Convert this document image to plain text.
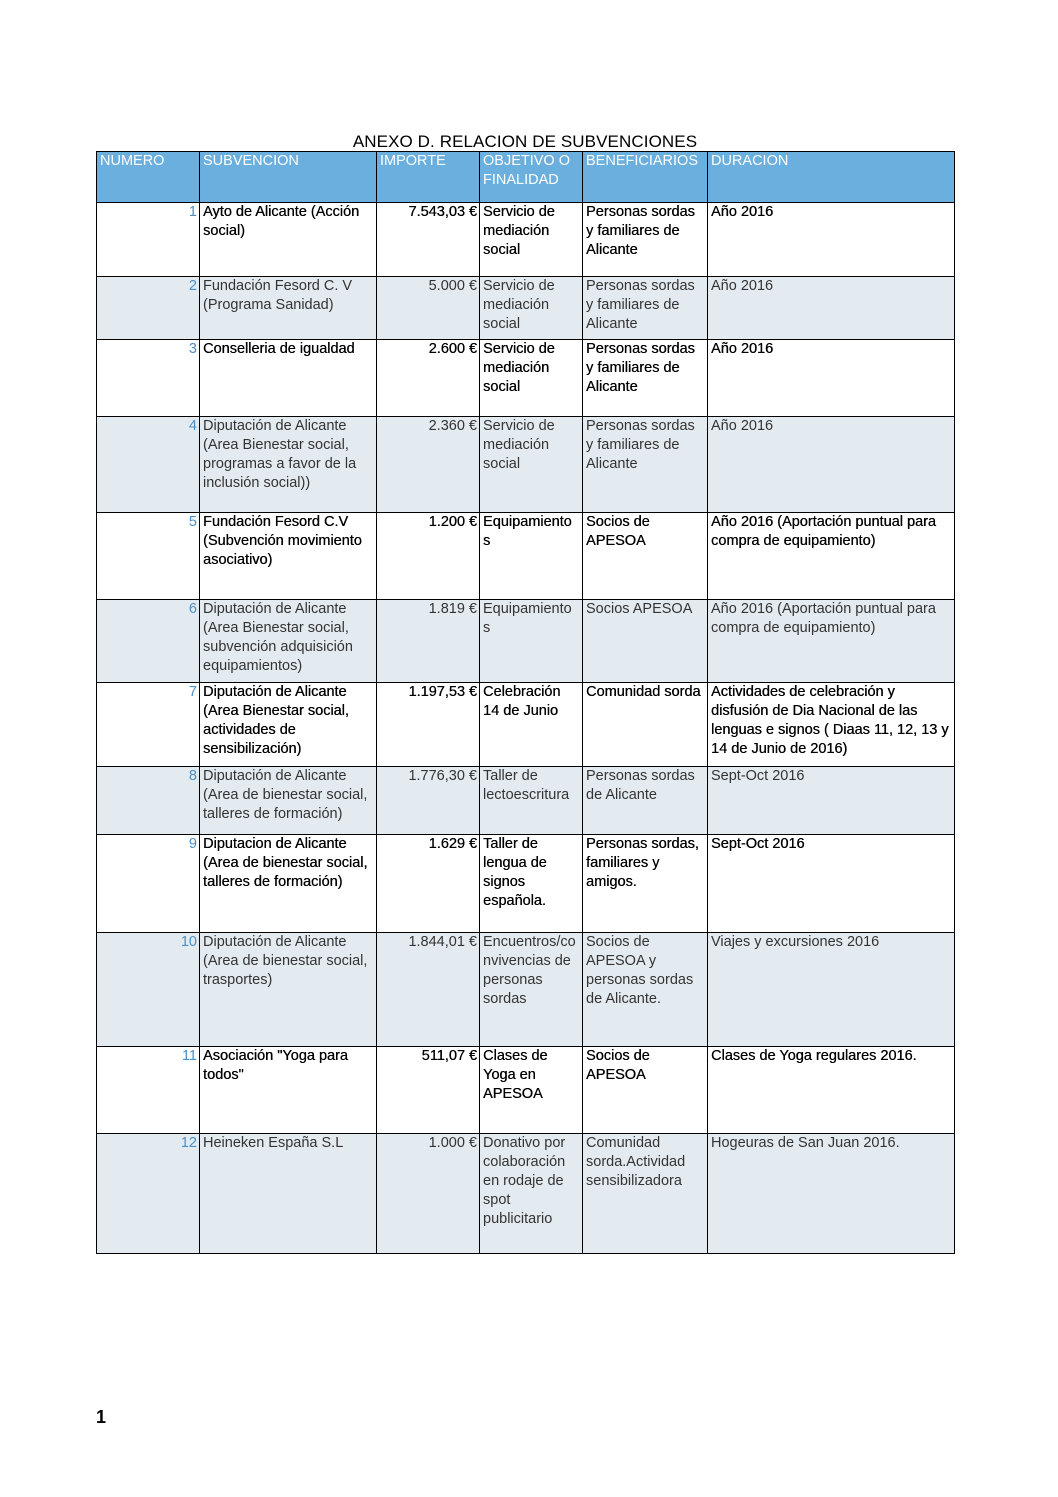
ANEXO D. RELACION DE SUBVENCIONES
NUMERO	SUBVENCION	IMPORTE	OBJETIVO O FINALIDAD	BENEFICIARIOS	DURACION
1	Ayto de Alicante (Acción social)	7.543,03 €	Servicio de mediación social	Personas sordas y familiares de Alicante	Año 2016
2	Fundación Fesord C. V (Programa Sanidad)	5.000 €	Servicio de mediación social	Personas sordas y familiares de Alicante	Año 2016
3	Conselleria de igualdad	2.600 €	Servicio de mediación social	Personas sordas y familiares de Alicante	Año 2016
4	Diputación de Alicante (Area Bienestar social, programas a favor de la inclusión social))	2.360 €	Servicio de mediación social	Personas sordas y familiares de Alicante	Año 2016
5	Fundación Fesord C.V (Subvención movimiento asociativo)	1.200 €	Equipamiento s	Socios de APESOA	Año 2016 (Aportación puntual para compra de equipamiento)
6	Diputación de Alicante (Area Bienestar social, subvención adquisición equipamientos)	1.819 €	Equipamiento s	Socios APESOA	Año 2016 (Aportación puntual para compra de equipamiento)
7	Diputación de Alicante (Area Bienestar social, actividades de sensibilización)	1.197,53 €	Celebración 14 de Junio	Comunidad sorda	Actividades de celebración y disfusión de Dia Nacional de las lenguas e signos ( Diaas 11, 12, 13 y 14 de Junio de 2016)
8	Diputación de Alicante (Area de bienestar social, talleres de formación)	1.776,30 €	Taller de lectoescritura	Personas sordas de Alicante	Sept-Oct 2016
9	Diputacion de Alicante (Area de bienestar social, talleres de formación)	1.629 €	Taller de lengua de signos española.	Personas sordas, familiares y amigos.	Sept-Oct 2016
10	Diputación de Alicante (Area de bienestar social, trasportes)	1.844,01 €	Encuentros/co nvivencias de personas sordas	Socios de APESOA y personas sordas de Alicante.	Viajes y excursiones 2016
11	Asociación "Yoga para todos"	511,07 €	Clases de Yoga en APESOA	Socios de APESOA	Clases de Yoga regulares 2016.
12	Heineken España S.L	1.000 €	Donativo por colaboración en rodaje de spot publicitario	Comunidad sorda.Actividad sensibilizadora	Hogeuras de San Juan 2016.
1
